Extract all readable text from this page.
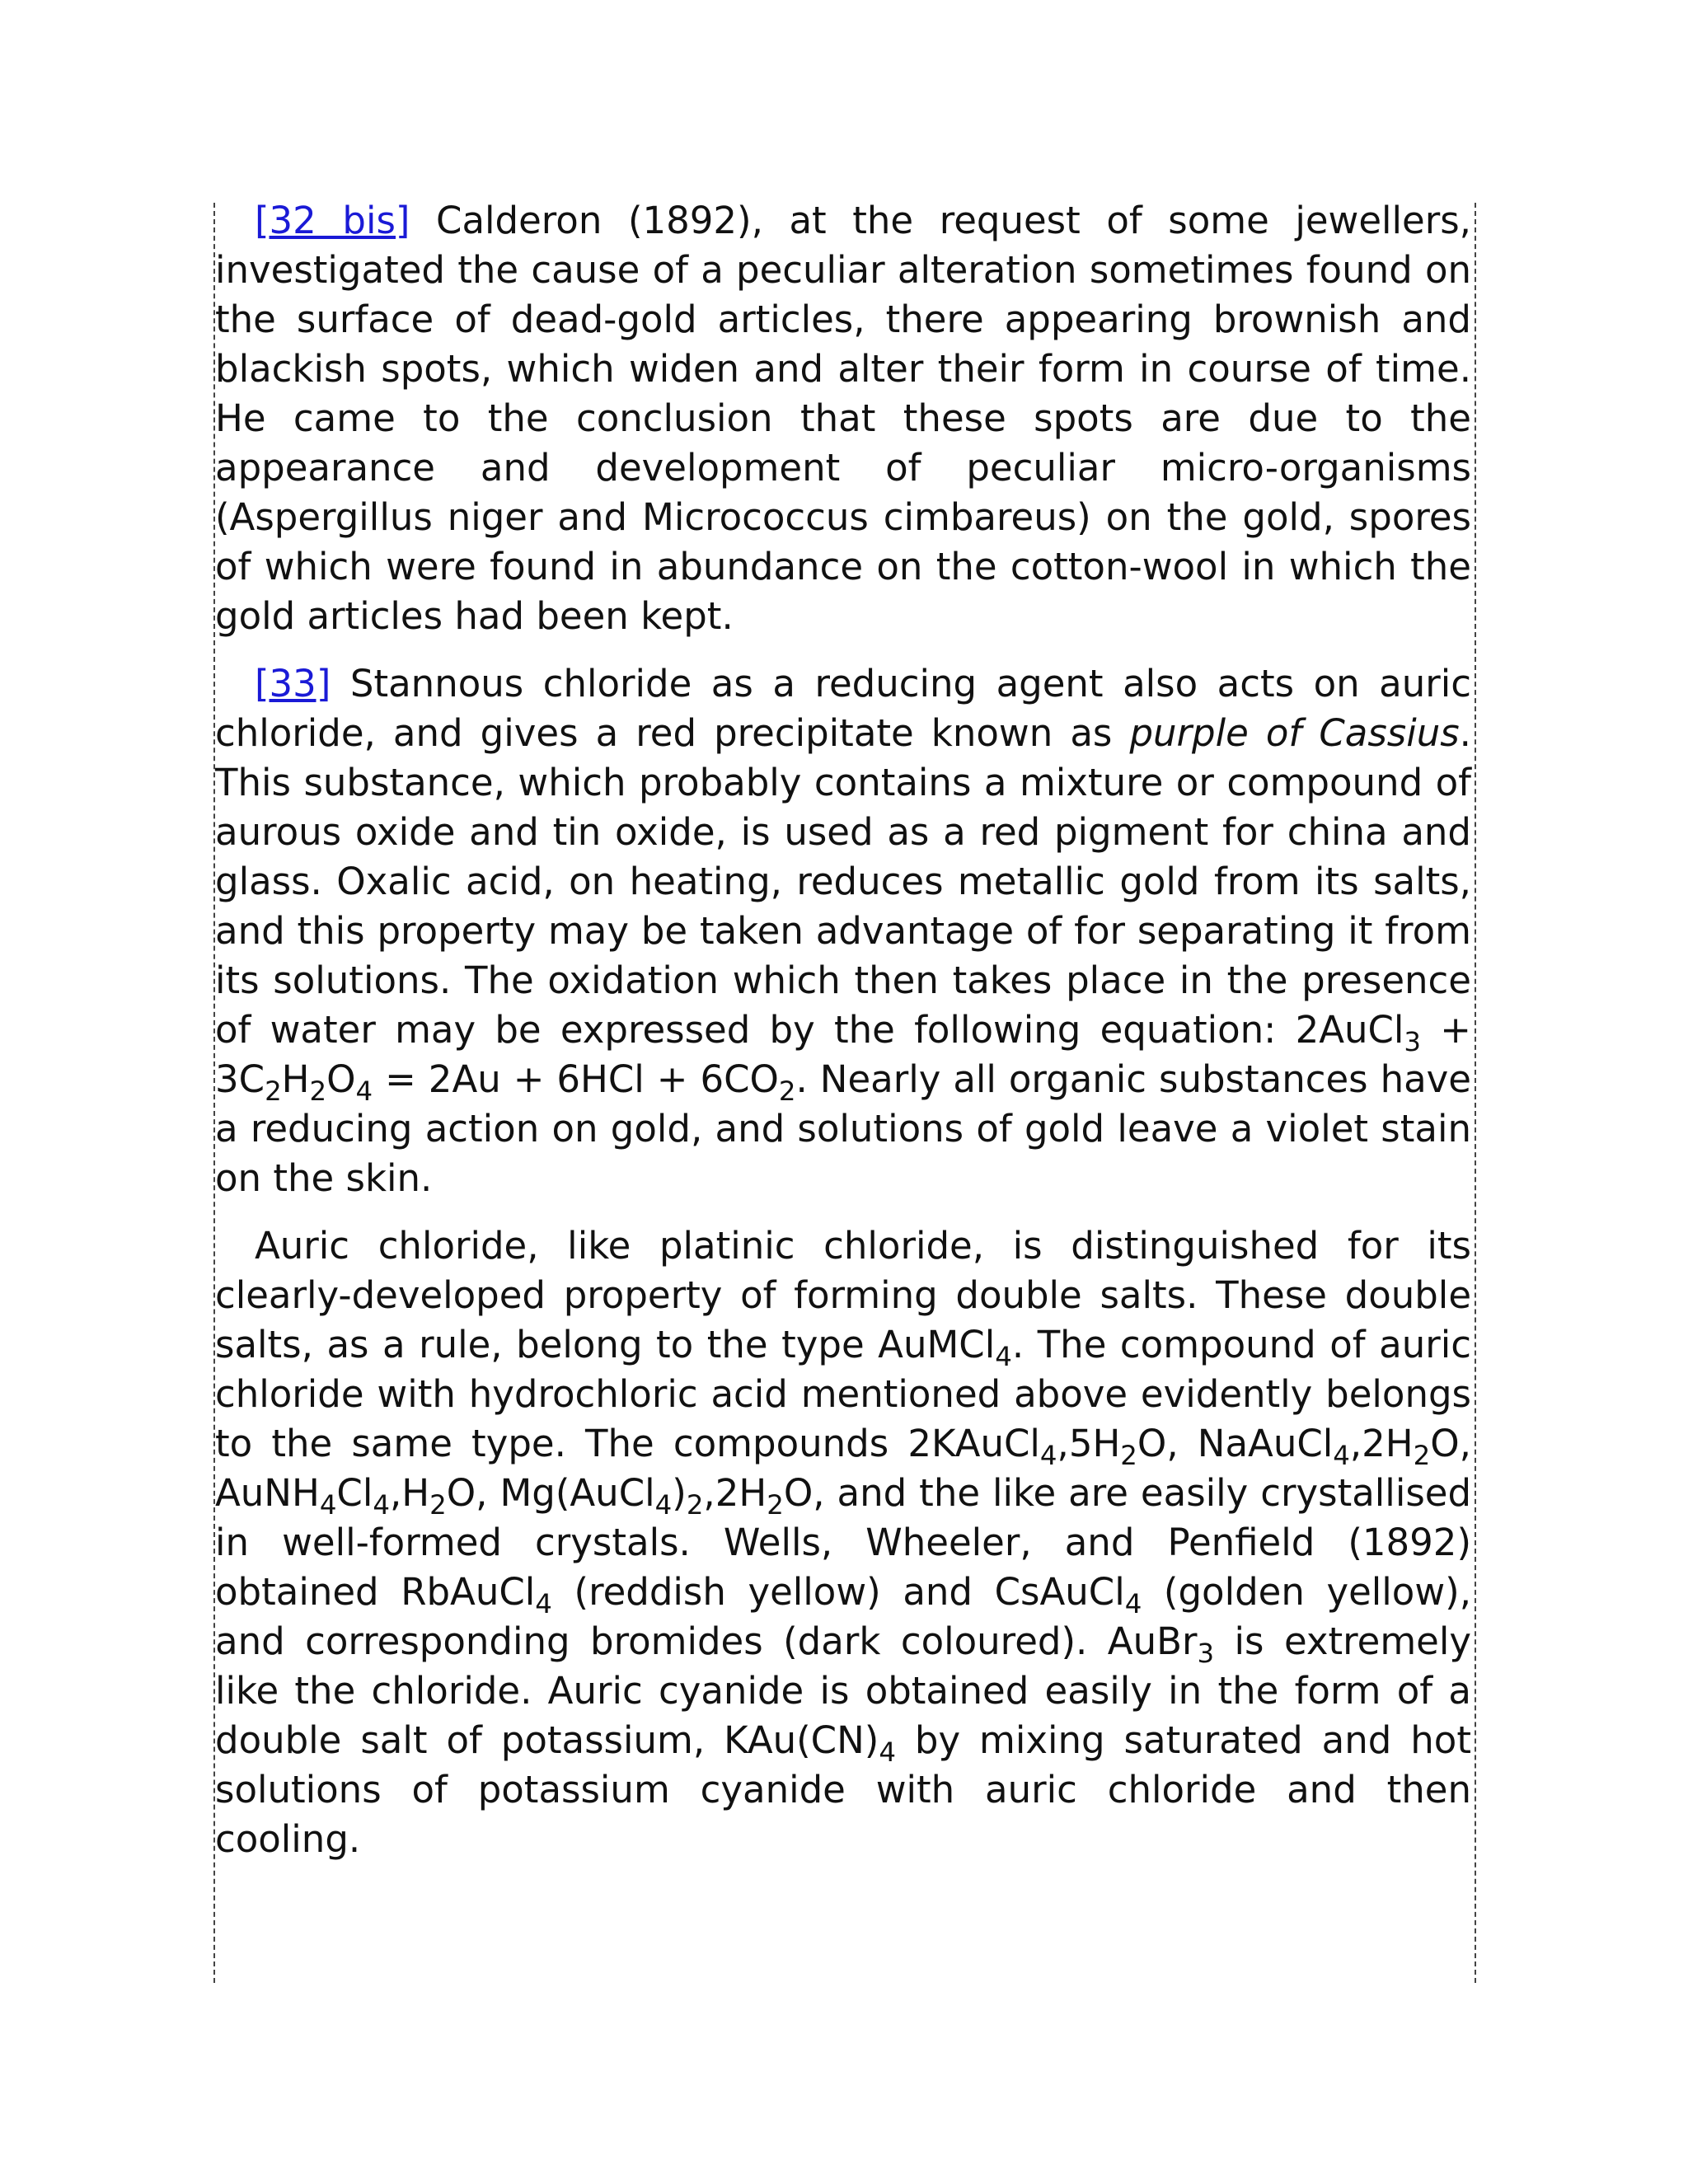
[32 bis] Calderon (1892), at the request of some jewellers, investigated the cause of a peculiar alteration sometimes found on the surface of dead-gold articles, there appearing brownish and blackish spots, which widen and alter their form in course of time. He came to the conclusion that these spots are due to the appearance and development of peculiar micro-organisms (Aspergillus niger and Micrococcus cimbareus) on the gold, spores of which were found in abundance on the cotton-wool in which the gold articles had been kept.

[33] Stannous chloride as a reducing agent also acts on auric chloride, and gives a red precipitate known as purple of Cassius. This substance, which probably contains a mixture or compound of aurous oxide and tin oxide, is used as a red pigment for china and glass. Oxalic acid, on heating, reduces metallic gold from its salts, and this property may be taken advantage of for separating it from its solutions. The oxidation which then takes place in the presence of water may be expressed by the following equation: 2AuCl$_3$ + $3C_2H_2O_4 = 2Au + 6HCl + 6CO_2$. Nearly all organic substances have a reducing action on gold, and solutions of gold leave a violet stain on the skin.

Auric chloride, like platinic chloride, is distinguished for its clearly-developed property of forming double salts. These double salts, as a rule, belong to the type AuMCl$_4$. The compound of auric chloride with hydrochloric acid mentioned above evidently belongs to the same type. The compounds $2KAuCl_4,5H_2O$, $NaAuCl_4,2H_2O$, $AuNH_4Cl_4,H_2O$, $Mg(AuCl_4)_2,2H_2O$, and the like are easily crystallised in well-formed crystals. Wells, Wheeler, and Penfield (1892) obtained RbAuCl$_4$ (reddish yellow) and CsAuCl$_4$ (golden yellow), and corresponding bromides (dark coloured). AuBr$_3$ is extremely like the chloride. Auric cyanide is obtained easily in the form of a double salt of potassium, $KAu(CN)_4$ by mixing saturated and hot solutions of potassium cyanide with auric chloride and then cooling.
